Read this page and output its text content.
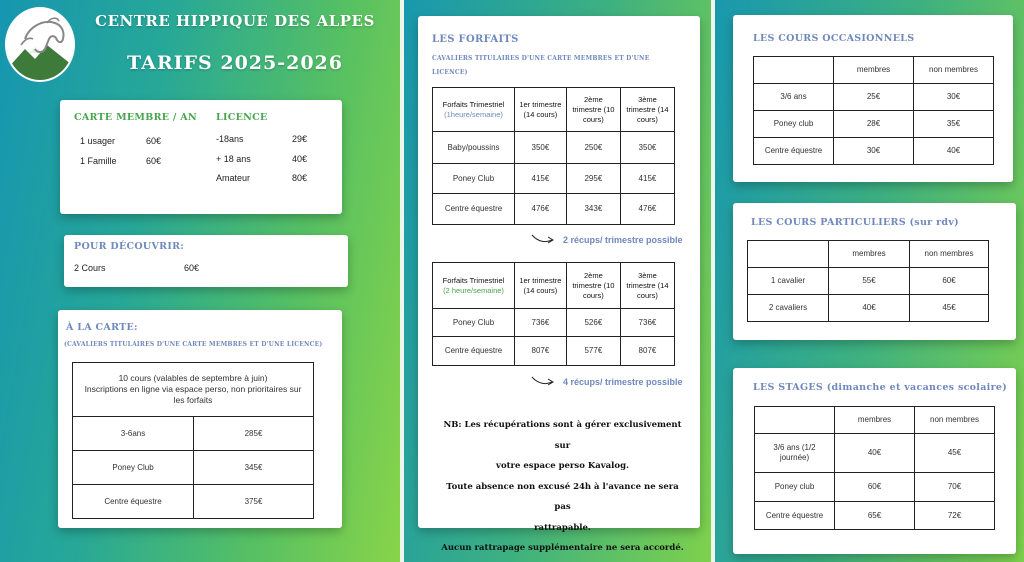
CENTRE HIPPIQUE DES ALPES
TARIFS 2025-2026
CARTE MEMBRE / AN
1 usager	60€
1 Famille	60€
LICENCE
-18ans	29€
+ 18 ans	40€
Amateur	80€
POUR DÉCOUVRIR:
2 Cours	60€
À LA CARTE:
(CAVALIERS TITULAIRES D'UNE CARTE MEMBRES ET D'UNE LICENCE)
10 cours (valables de septembre à juin)
Inscriptions en ligne via espace perso, non prioritaires sur les forfaits	

3-6ans	285€
Poney Club	345€
Centre équestre	375€
LES FORFAITS
CAVALIERS TITULAIRES D'UNE CARTE MEMBRES ET D'UNE LICENCE)
Forfaits Trimestriel
(1heure/semaine)	1er trimestre (14 cours)	2ème trimestre (10 cours)	3ème trimestre (14 cours)
Baby/poussins	350€	250€	350€
Poney Club	415€	295€	415€
Centre équestre	476€	343€	476€
2 récups/ trimestre possible
Forfaits Trimestriel
(2 heure/semaine)	1er trimestre (14 cours)	2ème trimestre (10 cours)	3ème trimestre (14 cours)
Poney Club	736€	526€	736€
Centre équestre	807€	577€	807€
4 récups/ trimestre possible
NB: Les récupérations sont à gérer exclusivement sur
votre espace perso Kavalog.
Toute absence non excusé 24h à l'avance ne sera pas
rattrapable.
Aucun rattrapage supplémentaire ne sera accordé.
LES COURS OCCASIONNELS
	membres	non membres
3/6 ans	25€	30€
Poney club	28€	35€
Centre équestre	30€	40€
LES COURS PARTICULIERS (sur rdv)
	membres	non membres
1 cavalier	55€	60€
2 cavaliers	40€	45€
LES STAGES (dimanche et vacances scolaire)
	membres	non membres
3/6 ans (1/2 journée)	40€	45€
Poney club	60€	70€
Centre équestre	65€	72€
